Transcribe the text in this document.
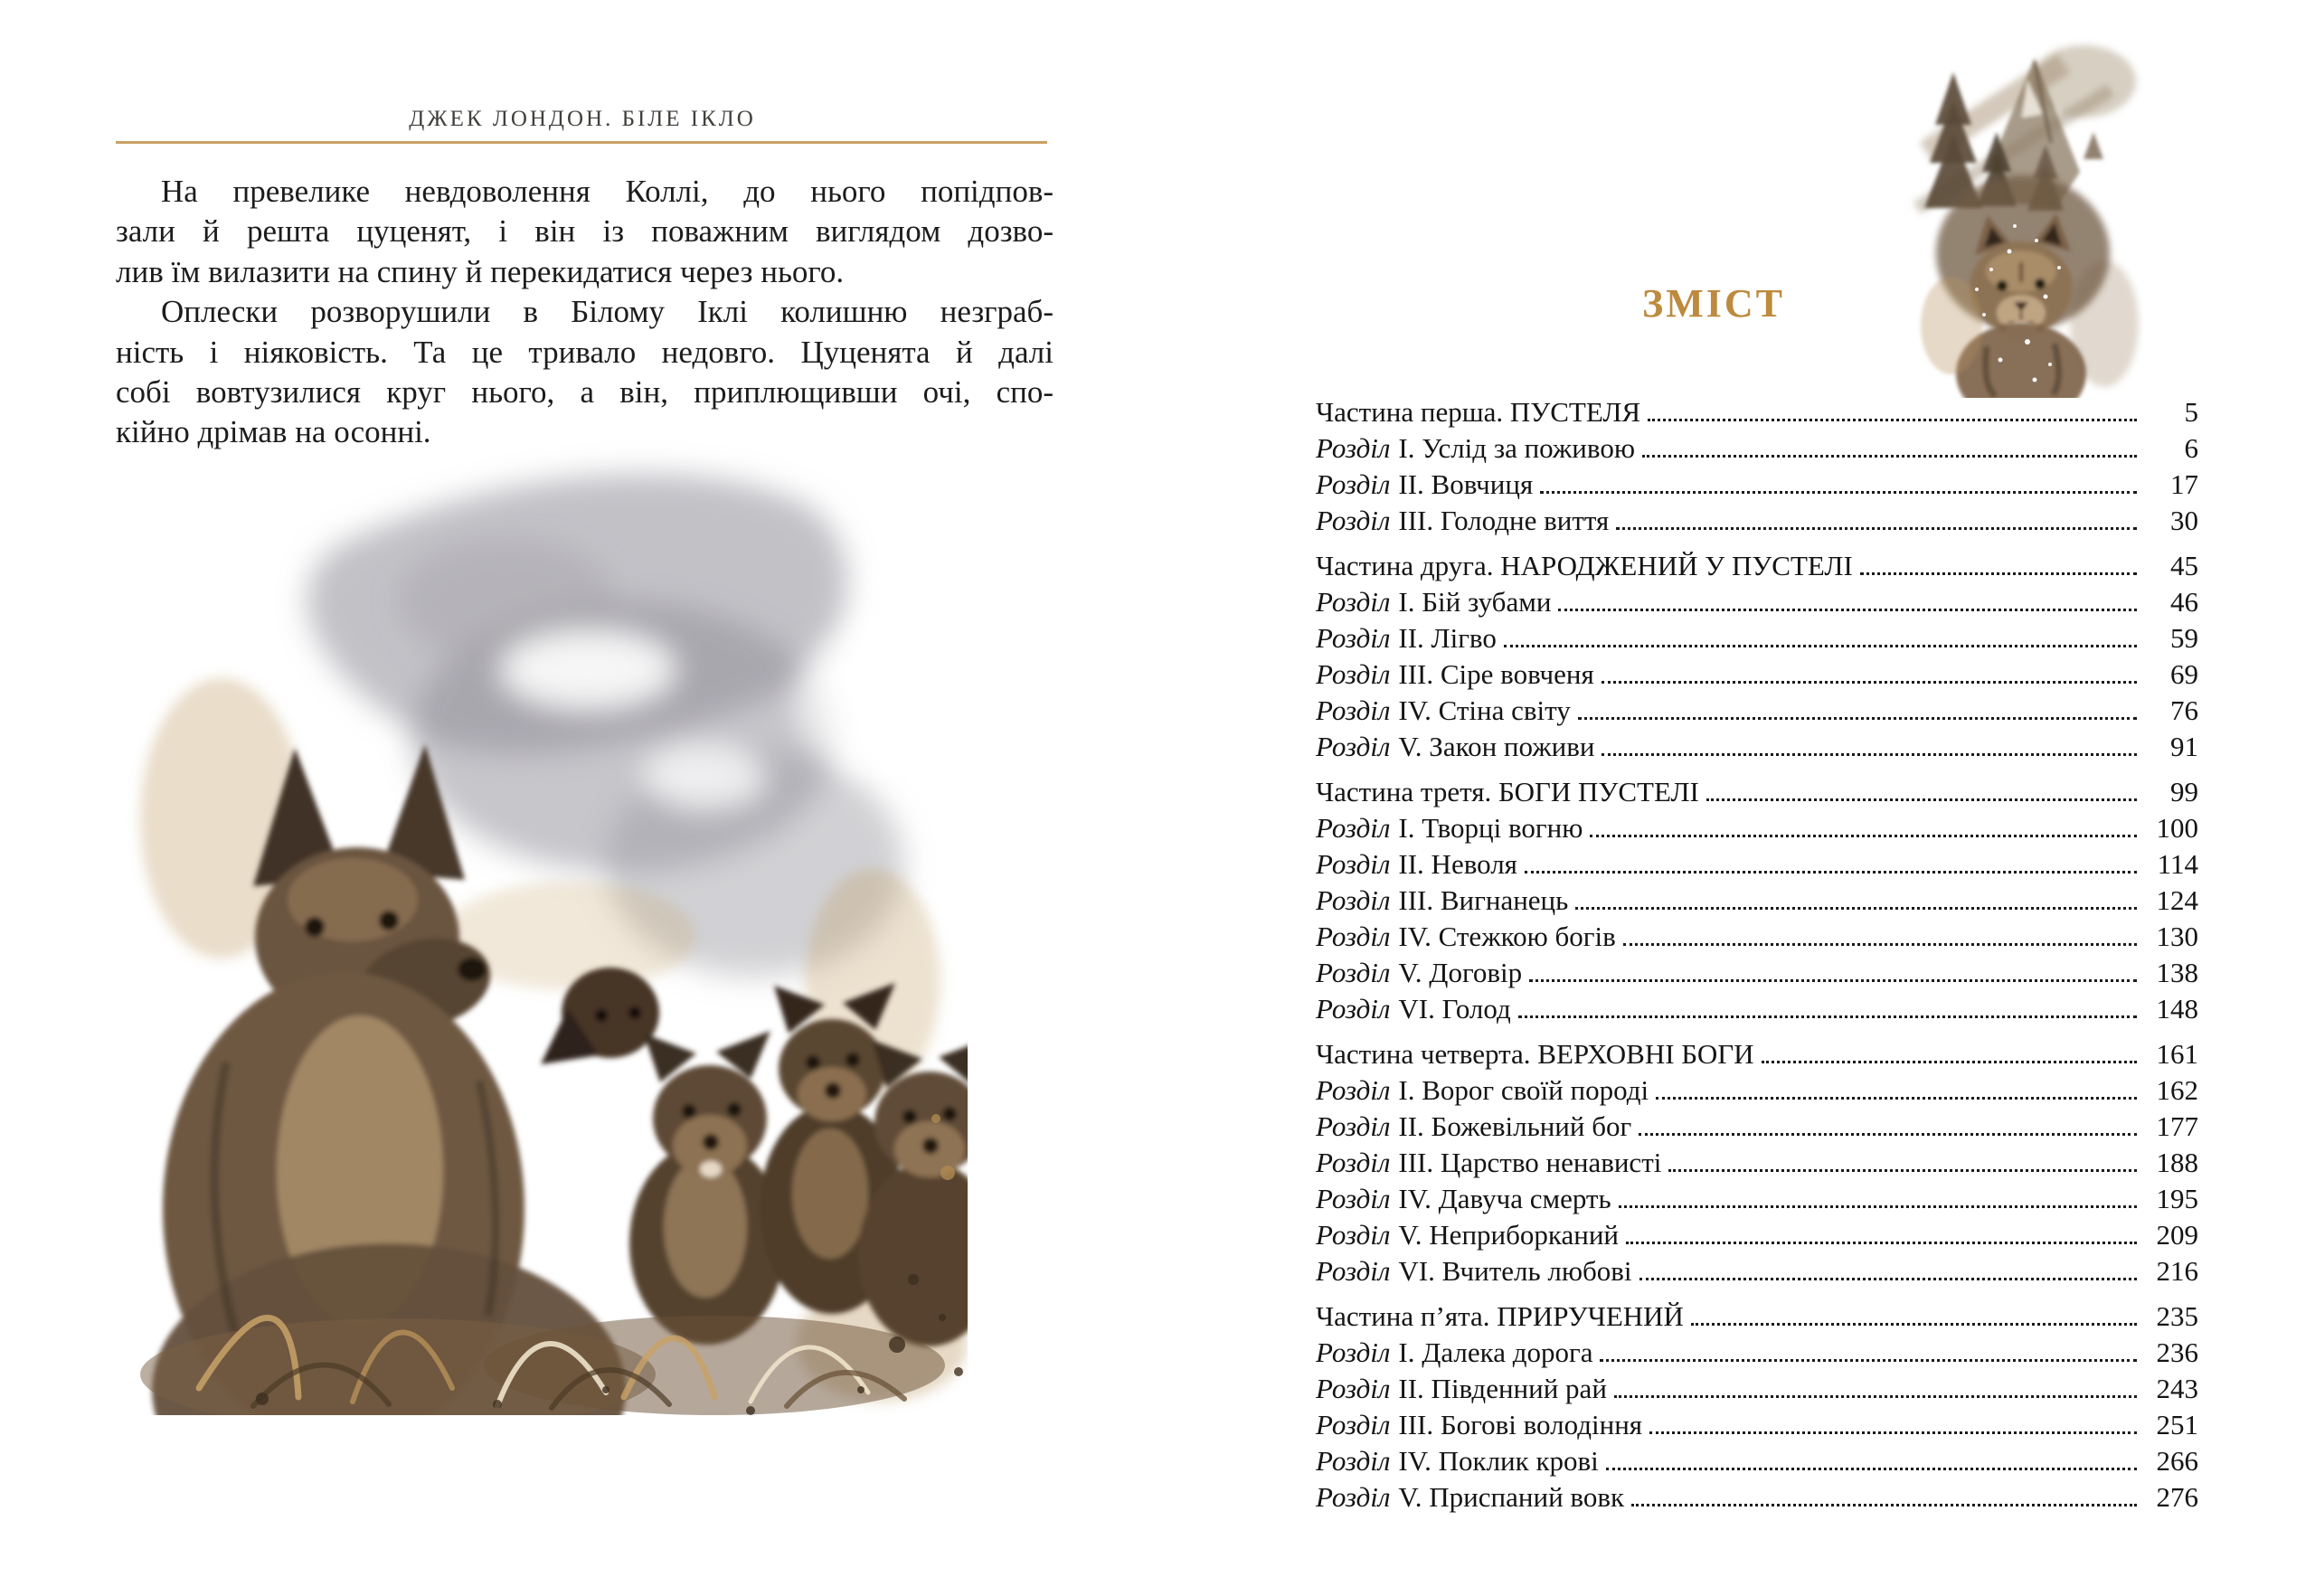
ДЖЕК ЛОНДОН. БІЛЕ ІКЛО
На превелике невдоволення Коллі, до нього попідпов-
зали й решта цуценят, і він із поважним виглядом дозво-
лив їм вилазити на спину й перекидатися через нього.
Оплески розворушили в Білому Іклі колишню незграб-
ність і ніяковість. Та це тривало недовго. Цуценята й далі
собі вовтузилися круг нього, а він, приплющивши очі, спо-
кійно дрімав на осонні.
ЗМІСТ
Частина перша. ПУСТЕЛЯ	5
Розділ I. Услід за поживою	6
Розділ II. Вовчиця	17
Розділ III. Голодне виття	30
Частина друга. НАРОДЖЕНИЙ У ПУСТЕЛІ	45
Розділ I. Бій зубами	46
Розділ II. Лігво	59
Розділ III. Сіре вовченя	69
Розділ IV. Стіна світу	76
Розділ V. Закон поживи	91
Частина третя. БОГИ ПУСТЕЛІ	99
Розділ I. Творці вогню	100
Розділ II. Неволя	114
Розділ III. Вигнанець	124
Розділ IV. Стежкою богів	130
Розділ V. Договір	138
Розділ VI. Голод	148
Частина четверта. ВЕРХОВНІ БОГИ	161
Розділ I. Ворог своїй породі	162
Розділ II. Божевільний бог	177
Розділ III. Царство ненависті	188
Розділ IV. Давуча смерть	195
Розділ V. Неприборканий	209
Розділ VI. Вчитель любові	216
Частина п’ята. ПРИРУЧЕНИЙ	235
Розділ I. Далека дорога	236
Розділ II. Південний рай	243
Розділ III. Богові володіння	251
Розділ IV. Поклик крові	266
Розділ V. Приспаний вовк	276
